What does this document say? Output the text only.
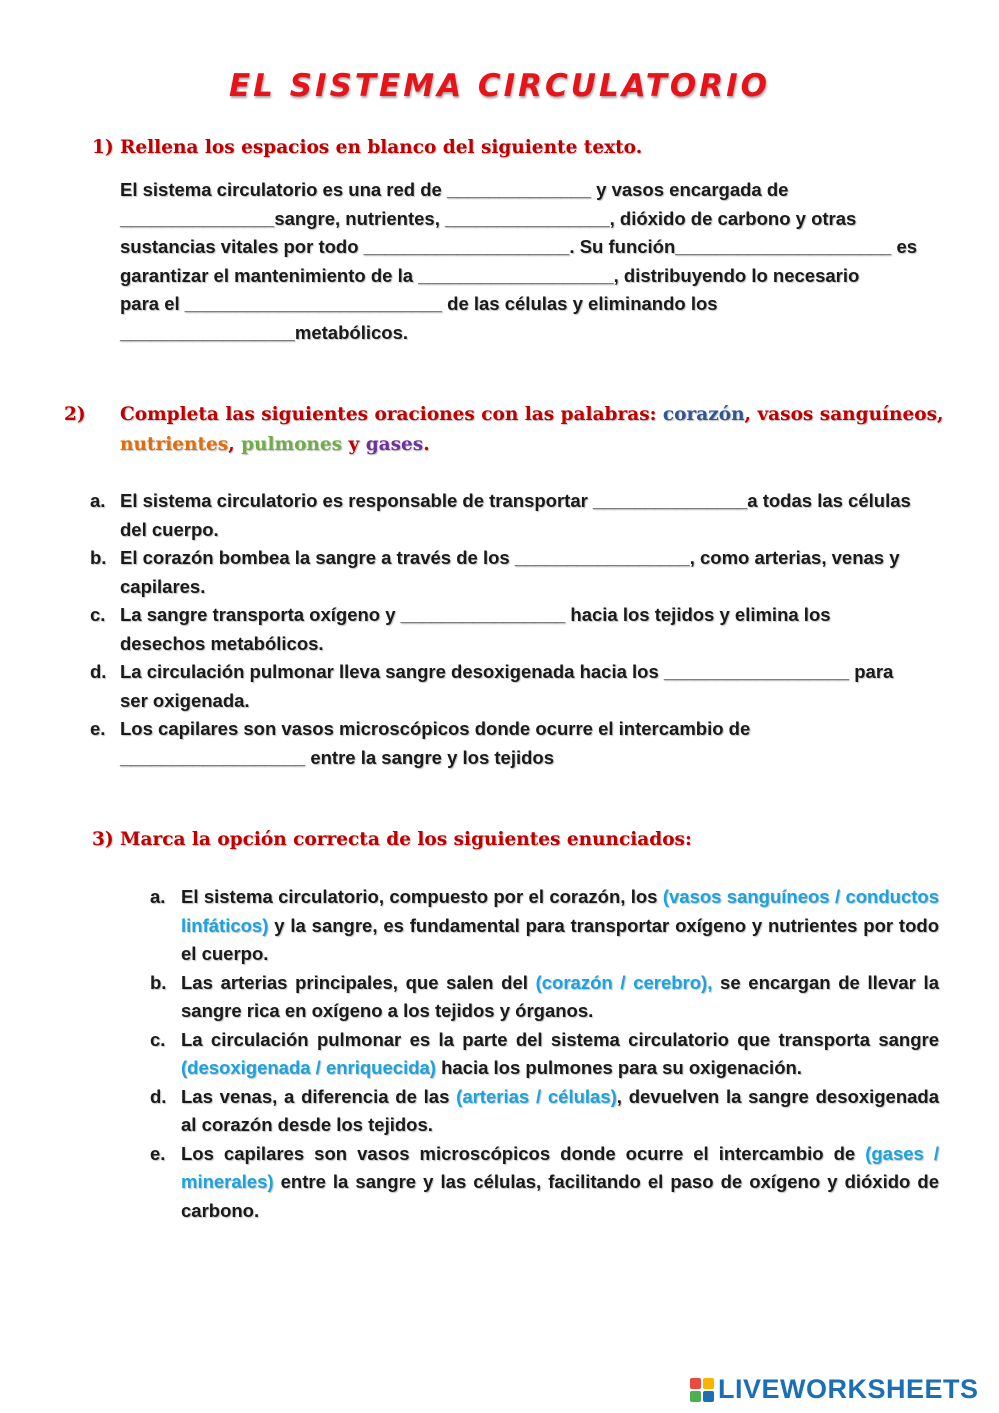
EL SISTEMA CIRCULATORIO
1) Rellena los espacios en blanco del siguiente texto.
El sistema circulatorio es una red de ______________ y vasos encargada de
_______________sangre, nutrientes, ________________, dióxido de carbono y otras
sustancias vitales por todo ____________________. Su función_____________________ es
garantizar el mantenimiento de la ___________________, distribuyendo lo necesario
para el _________________________ de las células y eliminando los
_________________metabólicos.
2) Completa las siguientes oraciones con las palabras: corazón, vasos sanguíneos, nutrientes, pulmones y gases.
a. El sistema circulatorio es responsable de transportar _______________a todas las células del cuerpo.
b. El corazón bombea la sangre a través de los _________________, como arterias, venas y capilares.
c. La sangre transporta oxígeno y ________________ hacia los tejidos y elimina los desechos metabólicos.
d. La circulación pulmonar lleva sangre desoxigenada hacia los __________________ para ser oxigenada.
e. Los capilares son vasos microscópicos donde ocurre el intercambio de __________________ entre la sangre y los tejidos
3) Marca la opción correcta de los siguientes enunciados:
a. El sistema circulatorio, compuesto por el corazón, los (vasos sanguíneos / conductos linfáticos) y la sangre, es fundamental para transportar oxígeno y nutrientes por todo el cuerpo.
b. Las arterias principales, que salen del (corazón / cerebro), se encargan de llevar la sangre rica en oxígeno a los tejidos y órganos.
c. La circulación pulmonar es la parte del sistema circulatorio que transporta sangre (desoxigenada / enriquecida) hacia los pulmones para su oxigenación.
d. Las venas, a diferencia de las (arterias / células), devuelven la sangre desoxigenada al corazón desde los tejidos.
e. Los capilares son vasos microscópicos donde ocurre el intercambio de (gases / minerales) entre la sangre y las células, facilitando el paso de oxígeno y dióxido de carbono.
LIVEWORKSHEETS
